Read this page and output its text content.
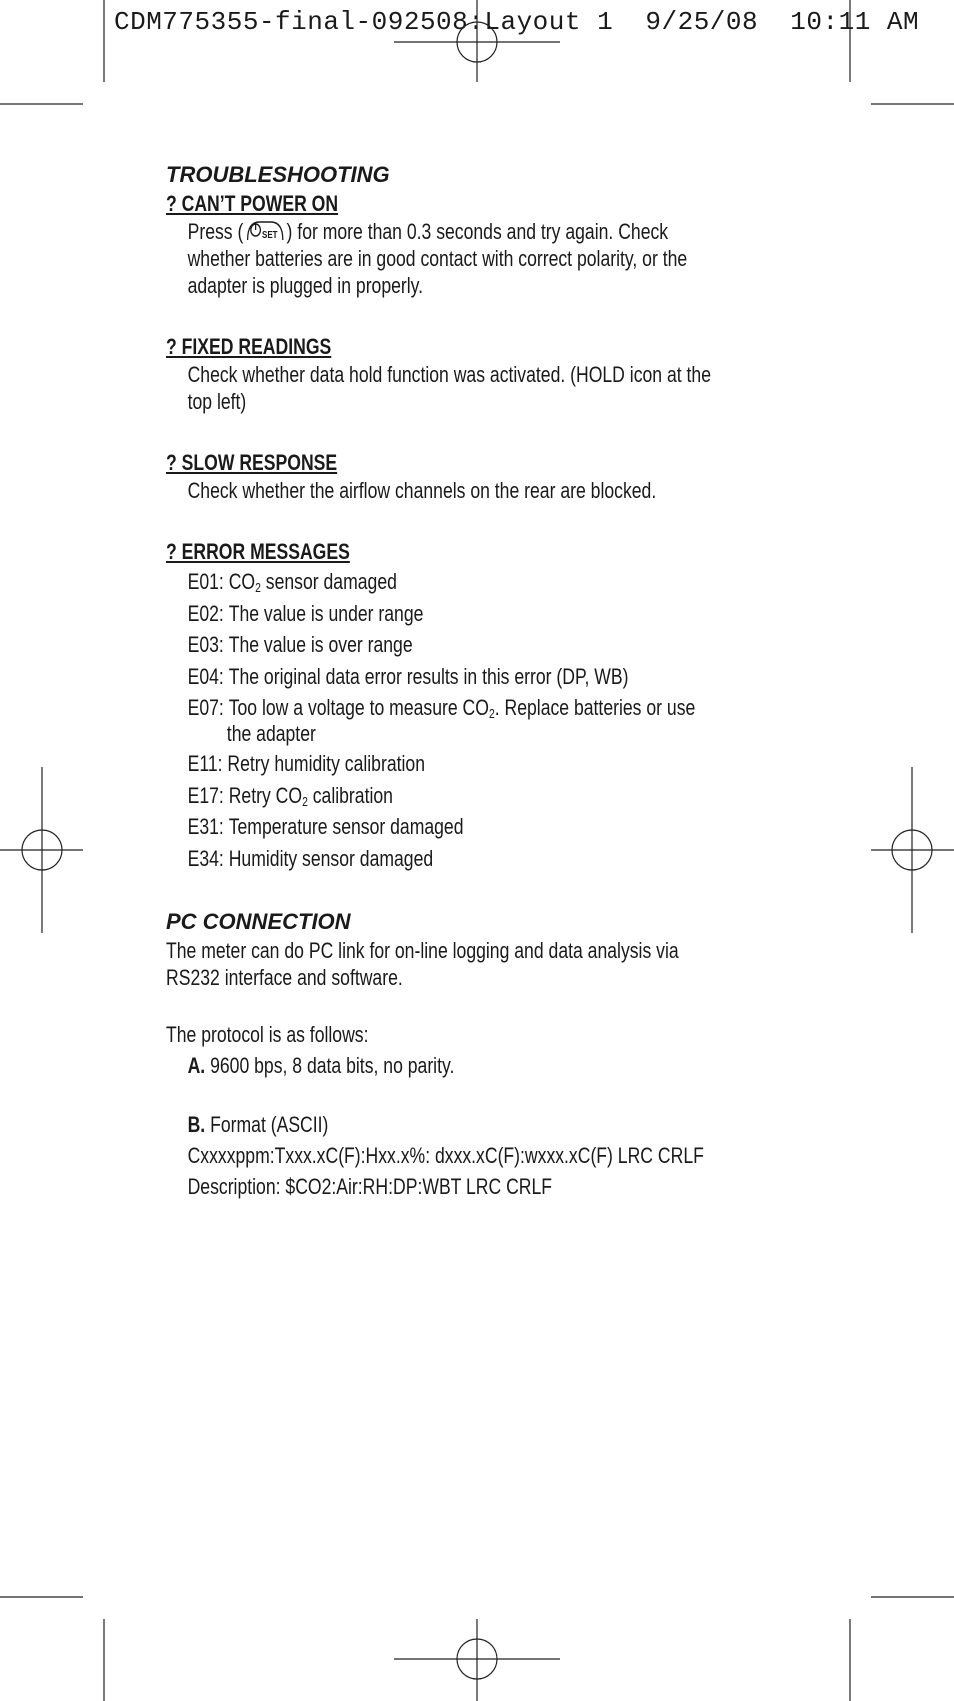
CDM775355-final-092508:Layout 1  9/25/08  10:11 AM
TROUBLESHOOTING
? CAN’T POWER ON
Press ( SET ) for more than 0.3 seconds and try again. Check
whether batteries are in good contact with correct polarity, or the
adapter is plugged in properly.
? FIXED READINGS
Check whether data hold function was activated. (HOLD icon at the
top left)
? SLOW RESPONSE
Check whether the airflow channels on the rear are blocked.
? ERROR MESSAGES
E01:
$CO_2$ sensor damaged
E02:
The value is under range
E03:
The value is over range
E04:
The original data error results in this error (DP, WB)
E07: Too low a voltage to measure $CO_2$. Replace batteries or use
the adapter
E11:
Retry humidity calibration
E17:
Retry $CO_2$ calibration
E31:
Temperature sensor damaged
E34:
Humidity sensor damaged
PC CONNECTION
The meter can do PC link for on-line logging and data analysis via
RS232 interface and software.
The protocol is as follows:
A. 9600 bps, 8 data bits, no parity.
B. Format (ASCII)
Cxxxxppm:Txxx.xC(F):Hxx.x%: dxxx.xC(F):wxxx.xC(F) LRC CRLF
Description: $CO2:Air:RH:DP:WBT LRC CRLF
